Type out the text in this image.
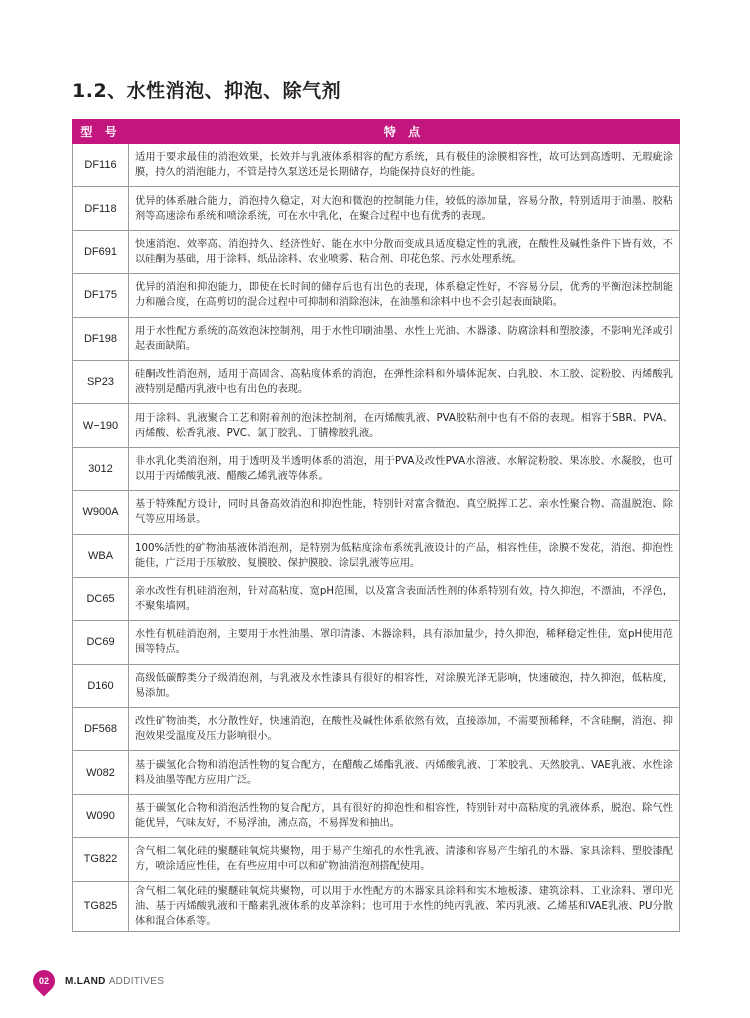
1.2、水性消泡、抑泡、除气剂
型 号	特 点
DF116	适用于要求最佳的消泡效果，长效并与乳液体系相容的配方系统，具有极佳的涂膜相容性，故可达到高透明、无瑕疵涂膜，持久的消泡能力，不管是持久泵送还是长期储存，均能保持良好的性能。
DF118	优异的体系融合能力，消泡持久稳定，对大泡和微泡的控制能力佳，较低的添加量，容易分散，特别适用于油墨、胶粘剂等高速涂布系统和喷涂系统，可在水中乳化，在聚合过程中也有优秀的表现。
DF691	快速消泡、效率高、消泡持久、经济性好、能在水中分散而变成具适度稳定性的乳液，在酸性及碱性条件下皆有效，不以硅酮为基础，用于涂料、纸品涂料、农业喷雾、粘合剂、印花色浆、污水处理系统。
DF175	优异的消泡和抑泡能力，即使在长时间的储存后也有出色的表现，体系稳定性好，不容易分层，优秀的平衡泡沫控制能力和融合度，在高剪切的混合过程中可抑制和消除泡沫，在油墨和涂料中也不会引起表面缺陷。
DF198	用于水性配方系统的高效泡沫控制剂，用于水性印刷油墨、水性上光油、木器漆、防腐涂料和塑胶漆，不影响光泽或引起表面缺陷。
SP23	硅酮改性消泡剂，适用于高固含、高粘度体系的消泡，在弹性涂料和外墙体泥灰、白乳胶、木工胶、淀粉胶、丙烯酸乳液特别是醋丙乳液中也有出色的表现。
W−190	用于涂料、乳液聚合工艺和附着剂的泡沫控制剂，在丙烯酸乳液、PVA胶粘剂中也有不俗的表现。相容于SBR、PVA、丙烯酸、松香乳液、PVC、氯丁胶乳、丁腈橡胶乳液。
3012	非水乳化类消泡剂，用于透明及半透明体系的消泡，用于PVA及改性PVA水溶液、水解淀粉胶、果冻胶、水凝胶，也可以用于丙烯酸乳液、醋酸乙烯乳液等体系。
W900A	基于特殊配方设计，同时具备高效消泡和抑泡性能，特别针对富含微泡、真空脱挥工艺、亲水性聚合物、高温脱泡、除气等应用场景。
WBA	100%活性的矿物油基液体消泡剂，是特别为低粘度涂布系统乳液设计的产品，相容性佳，涂膜不发花，消泡、抑泡性能佳，广泛用于压敏胶、复膜胶、保护膜胶、涂层乳液等应用。
DC65	亲水改性有机硅消泡剂，针对高粘度、宽pH范围，以及富含表面活性剂的体系特别有效，持久抑泡，不漂油，不浮色，不聚集墙网。
DC69	水性有机硅消泡剂，主要用于水性油墨、罩印清漆、木器涂料，具有添加量少，持久抑泡，稀释稳定性佳，宽pH使用范围等特点。
D160	高级低碳醇类分子级消泡剂，与乳液及水性漆具有很好的相容性，对涂膜光泽无影响，快速破泡，持久抑泡，低粘度，易添加。
DF568	改性矿物油类，水分散性好，快速消泡，在酸性及碱性体系依然有效，直接添加，不需要预稀释，不含硅酮，消泡、抑泡效果受温度及压力影响很小。
W082	基于碳氢化合物和消泡活性物的复合配方，在醋酸乙烯酯乳液、丙烯酸乳液、丁苯胶乳、天然胶乳、VAE乳液、水性涂料及油墨等配方应用广泛。
W090	基于碳氢化合物和消泡活性物的复合配方，具有很好的抑泡性和相容性，特别针对中高粘度的乳液体系，脱泡、除气性能优异，气味友好，不易浮油，沸点高，不易挥发和抽出。
TG822	含气相二氧化硅的聚醚硅氧烷共聚物，用于易产生缩孔的水性乳液、清漆和容易产生缩孔的木器、家具涂料、塑胶漆配方，喷涂适应性佳，在有些应用中可以和矿物油消泡剂搭配使用。
TG825	含气相二氧化硅的聚醚硅氧烷共聚物，可以用于水性配方的木器家具涂料和实木地板漆、建筑涂料、工业涂料、罩印光油、基于丙烯酸乳液和干酪素乳液体系的皮革涂料；也可用于水性的纯丙乳液、苯丙乳液、乙烯基和VAE乳液、PU分散体和混合体系等。
02 M.LAND ADDITIVES
